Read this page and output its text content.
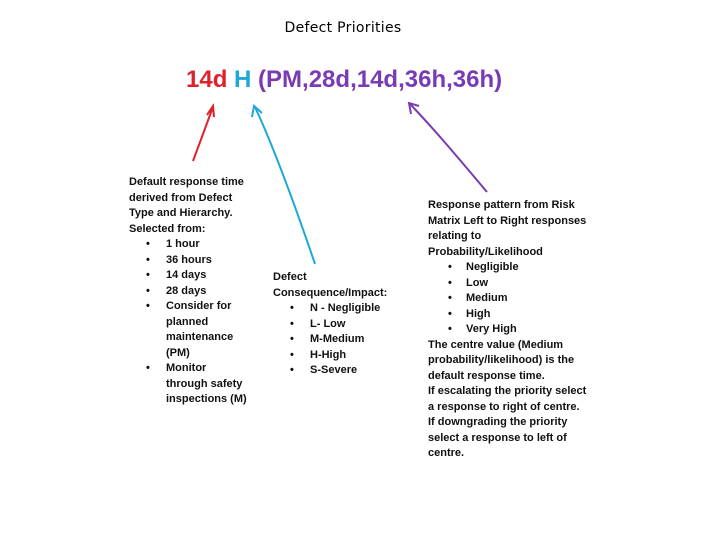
Defect Priorities
14d H (PM,28d,14d,36h,36h)

Default response time derived from Defect Type and Hierarchy. Selected from:

• 1 hour
• 36 hours
• 14 days
• 28 days
• Consider for planned maintenance (PM)
• Monitor through safety inspections (M)

Defect Consequence/Impact:

• N - Negligible
• L- Low
• M-Medium
• H-High
• S-Severe

Response pattern from Risk Matrix Left to Right responses relating to Probability/Likelihood

• Negligible
• Low
• Medium
• High
• Very High

The centre value (Medium probability/likelihood) is the default response time.

If escalating the priority select a response to right of centre.

If downgrading the priority select a response to left of centre.
